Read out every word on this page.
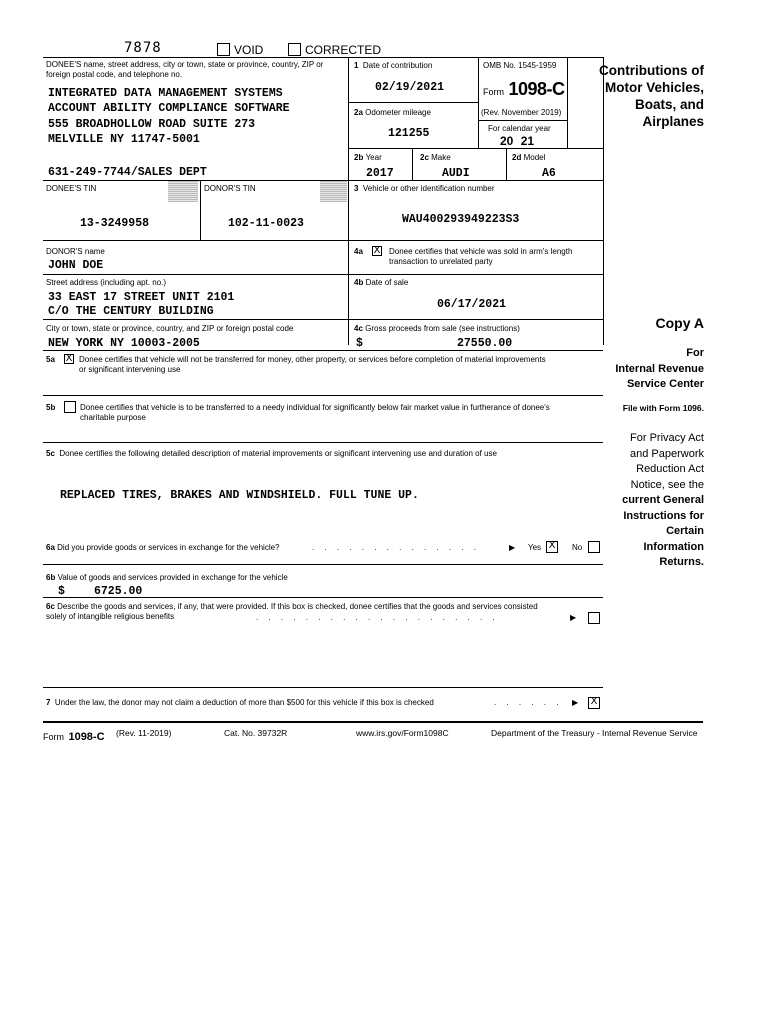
7878	VOID	CORRECTED
DONEE'S name, street address, city or town, state or province, country, ZIP or foreign postal code, and telephone no.
INTEGRATED DATA MANAGEMENT SYSTEMS
ACCOUNT ABILITY COMPLIANCE SOFTWARE
555 BROADHOLLOW ROAD SUITE 273
MELVILLE NY 11747-5001
631-249-7744/SALES DEPT
DONEE'S TIN
13-3249958
DONOR'S TIN
102-11-0023
DONOR'S name
JOHN DOE
Street address (including apt. no.)
33 EAST 17 STREET UNIT 2101
C/O THE CENTURY BUILDING
City or town, state or province, country, and ZIP or foreign postal code
NEW YORK NY 10003-2005
1 Date of contribution
02/19/2021
OMB No. 1545-1959
Form 1098-C
(Rev. November 2019)
For calendar year
20 21
2a Odometer mileage
121255
2b Year
2017
2c Make
AUDI
2d Model
A6
3 Vehicle or other identification number
WAU400293949223S3
4a X Donee certifies that vehicle was sold in arm's length transaction to unrelated party
4b Date of sale
06/17/2021
4c Gross proceeds from sale (see instructions)
$	27550.00
5a X Donee certifies that vehicle will not be transferred for money, other property, or services before completion of material improvements or significant intervening use
5b	Donee certifies that vehicle is to be transferred to a needy individual for significantly below fair market value in furtherance of donee's charitable purpose
5c Donee certifies the following detailed description of material improvements or significant intervening use and duration of use
REPLACED TIRES, BRAKES AND WINDSHIELD. FULL TUNE UP.
6a Did you provide goods or services in exchange for the vehicle?	. . . . . . . . . . . . . .	▶ Yes X	No
6b Value of goods and services provided in exchange for the vehicle
$	6725.00
6c Describe the goods and services, if any, that were provided. If this box is checked, donee certifies that the goods and services consisted solely of intangible religious benefits	. . . . . . . . . . . . . . . . . . . .	▶
7 Under the law, the donor may not claim a deduction of more than $500 for this vehicle if this box is checked	. . . . . . ▶ X
Contributions of
Motor Vehicles,
Boats, and
Airplanes
Copy A
For
Internal Revenue
Service Center
File with Form 1096.
For Privacy Act
and Paperwork
Reduction Act
Notice, see the
current General
Instructions for
Certain
Information
Returns.
Form 1098-C (Rev. 11-2019)	Cat. No. 39732R	www.irs.gov/Form1098C	Department of the Treasury - Internal Revenue Service
